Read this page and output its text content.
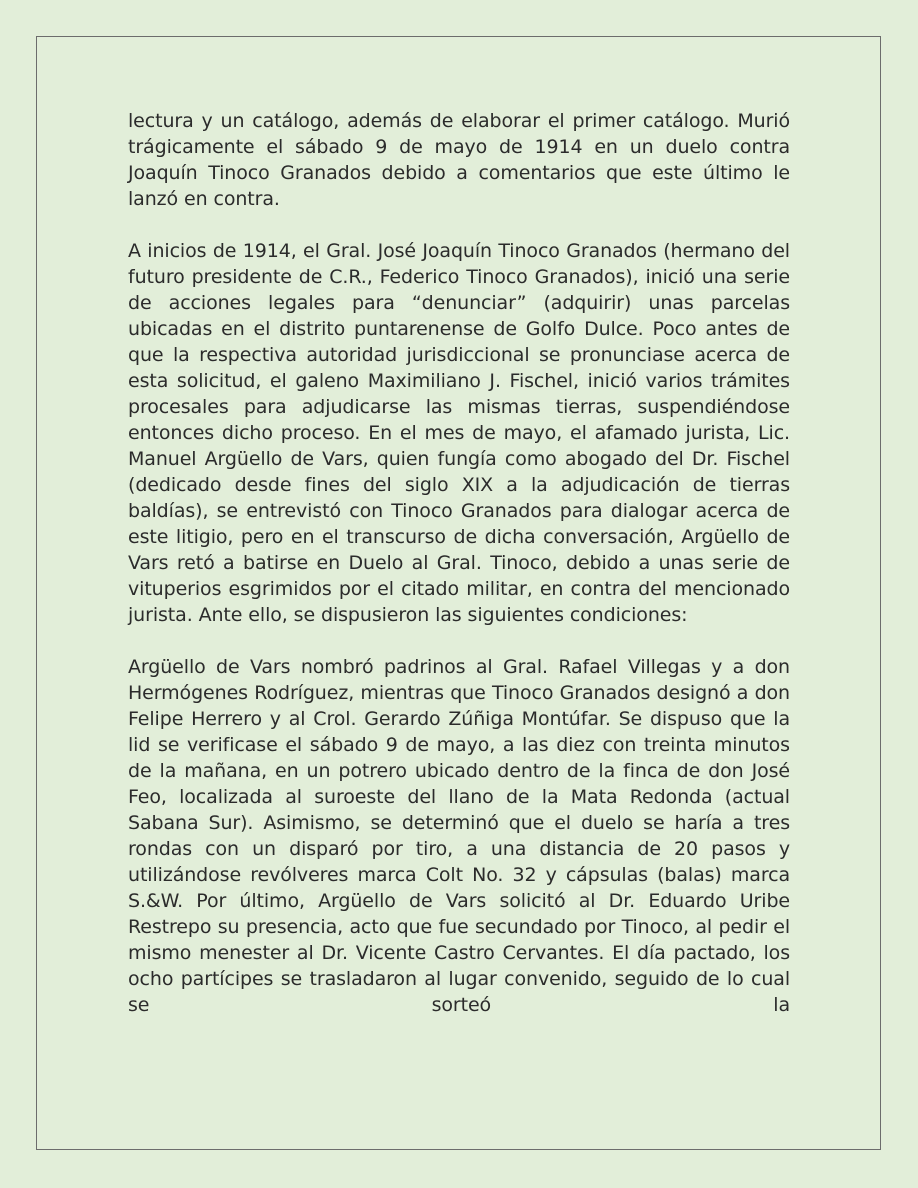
lectura y un catálogo, además de elaborar el primer catálogo. Murió trágicamente el sábado 9 de mayo de 1914 en un duelo contra Joaquín Tinoco Granados debido a comentarios que este último le lanzó en contra.

A inicios de 1914, el Gral. José Joaquín Tinoco Granados (hermano del futuro presidente de C.R., Federico Tinoco Granados), inició una serie de acciones legales para “denunciar” (adquirir) unas parcelas ubicadas en el distrito puntarenense de Golfo Dulce. Poco antes de que la respectiva autoridad jurisdiccional se pronunciase acerca de esta solicitud, el galeno Maximiliano J. Fischel, inició varios trámites procesales para adjudicarse las mismas tierras, suspendiéndose entonces dicho proceso. En el mes de mayo, el afamado jurista, Lic. Manuel Argüello de Vars, quien fungía como abogado del Dr. Fischel (dedicado desde fines del siglo XIX a la adjudicación de tierras baldías), se entrevistó con Tinoco Granados para dialogar acerca de este litigio, pero en el transcurso de dicha conversación, Argüello de Vars retó a batirse en Duelo al Gral. Tinoco, debido a unas serie de vituperios esgrimidos por el citado militar, en contra del mencionado jurista. Ante ello, se dispusieron las siguientes condiciones:

Argüello de Vars nombró padrinos al Gral. Rafael Villegas y a don Hermógenes Rodríguez, mientras que Tinoco Granados designó a don Felipe Herrero y al Crol. Gerardo Zúñiga Montúfar. Se dispuso que la lid se verificase el sábado 9 de mayo, a las diez con treinta minutos de la mañana, en un potrero ubicado dentro de la finca de don José Feo, localizada al suroeste del llano de la Mata Redonda (actual Sabana Sur). Asimismo, se determinó que el duelo se haría a tres rondas con un disparó por tiro, a una distancia de 20 pasos y utilizándose revólveres marca Colt No. 32 y cápsulas (balas) marca S.&W. Por último, Argüello de Vars solicitó al Dr. Eduardo Uribe Restrepo su presencia, acto que fue secundado por Tinoco, al pedir el mismo menester al Dr. Vicente Castro Cervantes. El día pactado, los ocho partícipes se trasladaron al lugar convenido, seguido de lo cual se sorteó la
